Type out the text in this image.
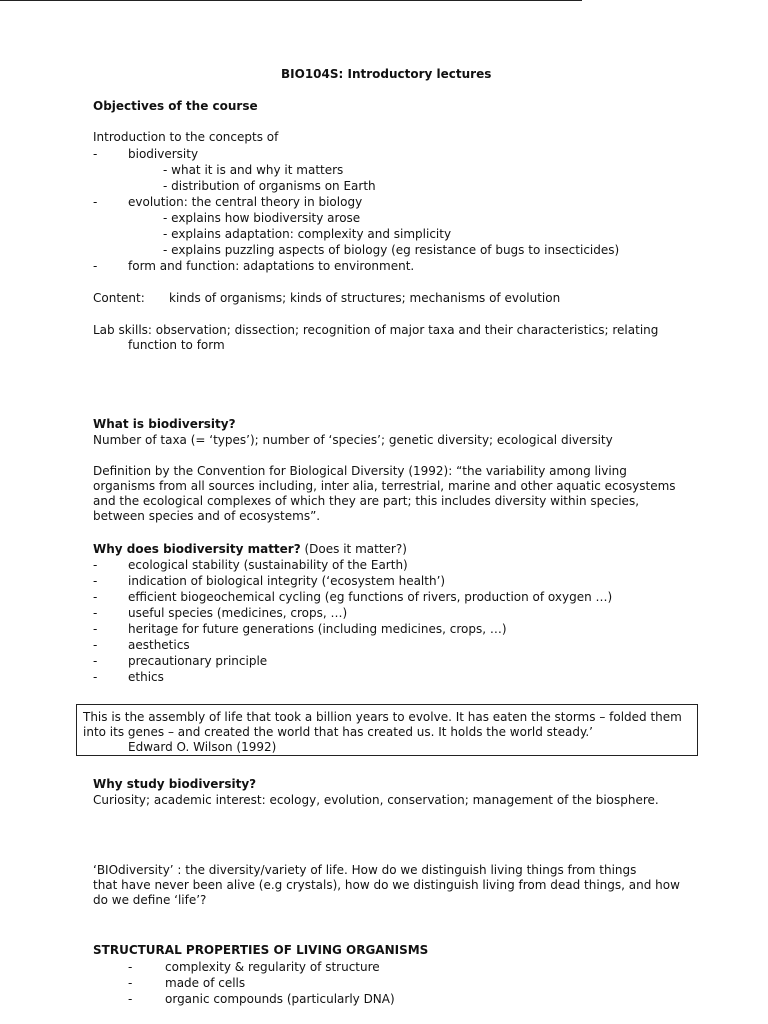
BIO104S: Introductory lectures
Objectives of the course
Introduction to the concepts of
-	biodiversity
- what it is and why it matters
- distribution of organisms on Earth
-	evolution: the central theory in biology
- explains how biodiversity arose
- explains adaptation: complexity and simplicity
- explains puzzling aspects of biology (eg resistance of bugs to insecticides)
-	form and function: adaptations to environment.
Content: kinds of organisms; kinds of structures; mechanisms of evolution
Lab skills: observation; dissection; recognition of major taxa and their characteristics; relating
function to form
What is biodiversity?
Number of taxa (= ‘types’); number of ‘species’; genetic diversity; ecological diversity
Definition by the Convention for Biological Diversity (1992): “the variability among living
organisms from all sources including, inter alia, terrestrial, marine and other aquatic ecosystems
and the ecological complexes of which they are part; this includes diversity within species,
between species and of ecosystems”.
Why does biodiversity matter? (Does it matter?)
-	ecological stability (sustainability of the Earth)
-	indication of biological integrity (‘ecosystem health’)
-	efficient biogeochemical cycling (eg functions of rivers, production of oxygen …)
-	useful species (medicines, crops, …)
-	heritage for future generations (including medicines, crops, …)
-	aesthetics
-	precautionary principle
-	ethics
This is the assembly of life that took a billion years to evolve. It has eaten the storms – folded them
into its genes – and created the world that has created us. It holds the world steady.’
Edward O. Wilson (1992)
Why study biodiversity?
Curiosity; academic interest: ecology, evolution, conservation; management of the biosphere.
‘BIOdiversity’ : the diversity/variety of life. How do we distinguish living things from things
that have never been alive (e.g crystals), how do we distinguish living from dead things, and how
do we define ‘life’?
STRUCTURAL PROPERTIES OF LIVING ORGANISMS
-	complexity & regularity of structure
-	made of cells
-	organic compounds (particularly DNA)
